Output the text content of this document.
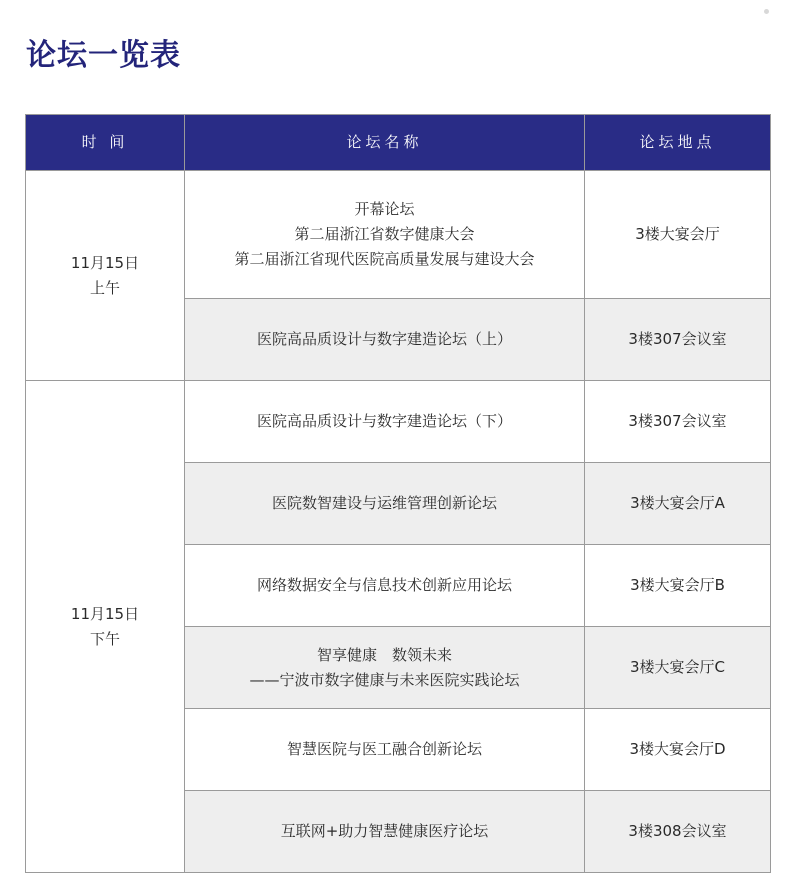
论坛一览表
时 间	论坛名称	论坛地点

11月15日
上午	开幕论坛
第二届浙江省数字健康大会
第二届浙江省现代医院高质量发展与建设大会	3楼大宴会厅
	医院高品质设计与数字建造论坛（上）	3楼307会议室

11月15日
下午	医院高品质设计与数字建造论坛（下）	3楼307会议室
	医院数智建设与运维管理创新论坛	3楼大宴会厅A
	网络数据安全与信息技术创新应用论坛	3楼大宴会厅B

	智享健康　数领未来
——宁波市数字健康与未来医院实践论坛	3楼大宴会厅C
	智慧医院与医工融合创新论坛	3楼大宴会厅D
	互联网+助力智慧健康医疗论坛	3楼308会议室
